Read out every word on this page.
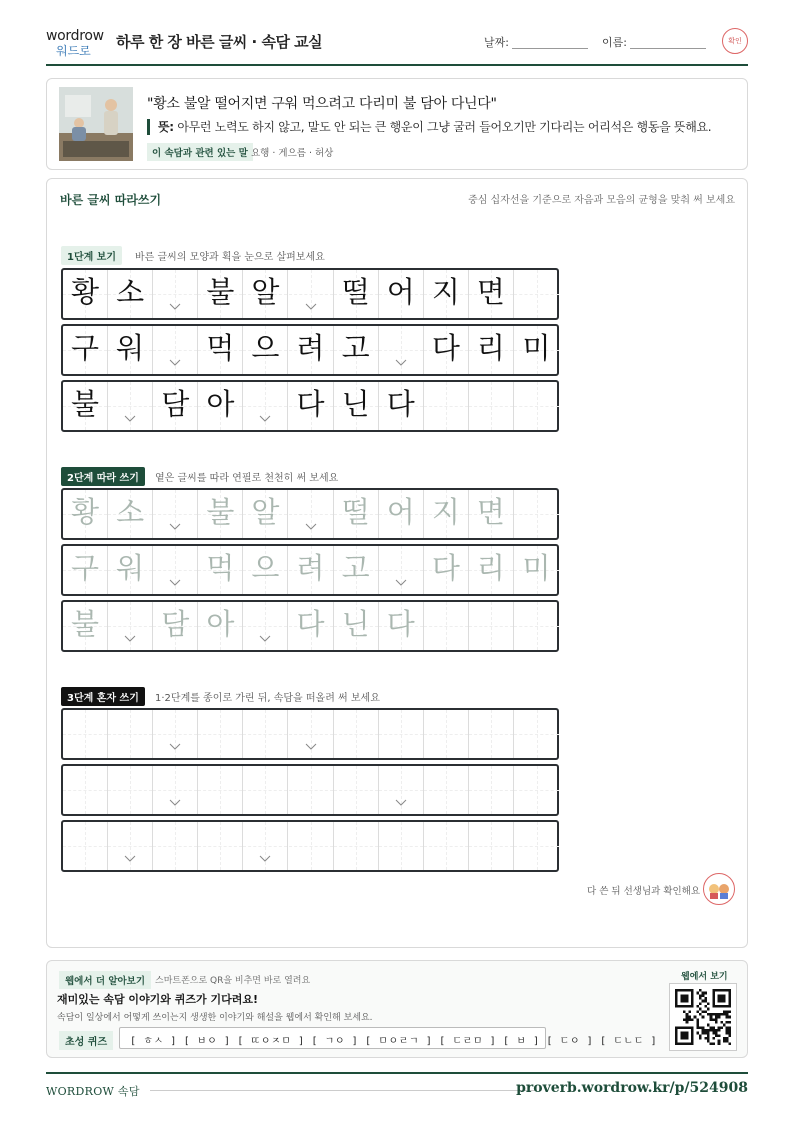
wordrow
워드로 하루 한 장 바른 글씨 · 속담 교실	날짜:	이름:	확인
"황소 불알 떨어지면 구워 먹으려고 다리미 불 담아 다닌다"
뜻: 아무런 노력도 하지 않고, 말도 안 되는 큰 행운이 그냥 굴러 들어오기만 기다리는 어리석은 행동을 뜻해요.
이 속담과 관련 있는 말 요행 · 게으름 · 허상
바른 글씨 따라쓰기	중심 십자선을 기준으로 자음과 모음의 균형을 맞춰 써 보세요
1단계 보기	바른 글씨의 모양과 획을 눈으로 살펴보세요
2단계 따라 쓰기	옅은 글씨를 따라 연필로 천천히 써 보세요
3단계 혼자 쓰기	1·2단계를 종이로 가린 뒤, 속담을 떠올려 써 보세요
황 소 불 알 떨 어 지 면
구 워 먹 으 려 고 다 리 미
불 담 아 다 닌 다
황 소 불 알 떨 어 지 면
구 워 먹 으 려 고 다 리 미
불 담 아 다 닌 다
다 쓴 뒤 선생님과 확인해요
웹에서 더 알아보기	스마트폰으로 QR을 비추면 바로 열려요
재미있는 속담 이야기와 퀴즈가 기다려요!
속담이 일상에서 어떻게 쓰이는지 생생한 이야기와 해설을 웹에서 확인해 보세요.
초성 퀴즈	[ ㅎㅅ ] [ ㅂㅇ ] [ ㄸㅇㅈㅁ ] [ ㄱㅇ ] [ ㅁㅇㄹㄱ ] [ ㄷㄹㅁ ] [ ㅂ ] [ ㄷㅇ ] [ ㄷㄴㄷ ]
웹에서 보기
WORDROW 속담	proverb.wordrow.kr/p/524908
